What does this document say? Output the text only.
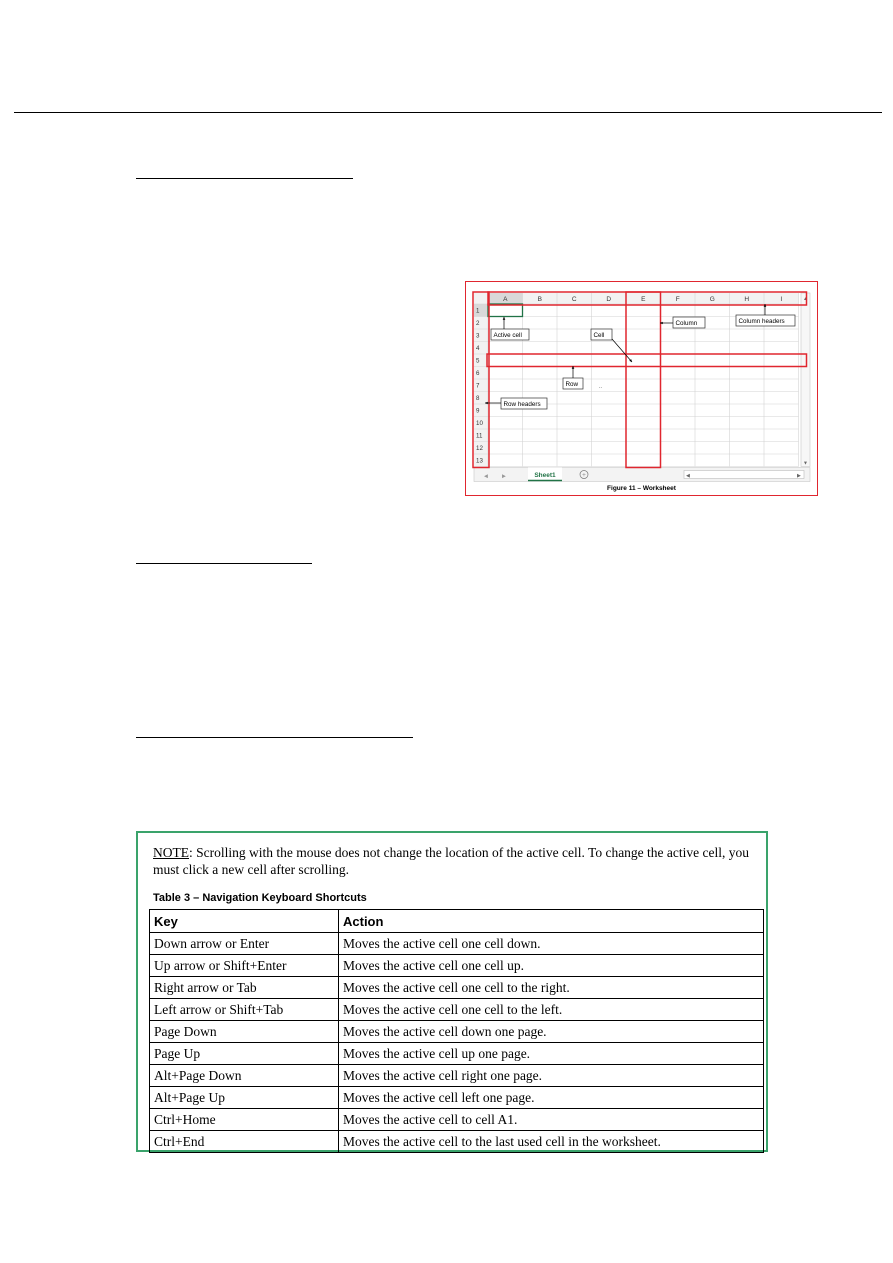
A	B	C	D	E	F	G	H	I
1
2
3
4
5
6
7
8
9
10
11
12
13
▲
▼
◀	▶	Sheet1	+	◀	▶
Active cell	Cell
Column	Column headers
Row
Row headers
..
Figure 11 – Worksheet
NOTE: Scrolling with the mouse does not change the location of the active cell. To change the active cell, you must click a new cell after scrolling.
Table 3 – Navigation Keyboard Shortcuts
Key	Action
Down arrow or Enter	Moves the active cell one cell down.
Up arrow or Shift+Enter	Moves the active cell one cell up.
Right arrow or Tab	Moves the active cell one cell to the right.
Left arrow or Shift+Tab	Moves the active cell one cell to the left.
Page Down	Moves the active cell down one page.
Page Up	Moves the active cell up one page.
Alt+Page Down	Moves the active cell right one page.
Alt+Page Up	Moves the active cell left one page.
Ctrl+Home	Moves the active cell to cell A1.
Ctrl+End	Moves the active cell to the last used cell in the worksheet.
